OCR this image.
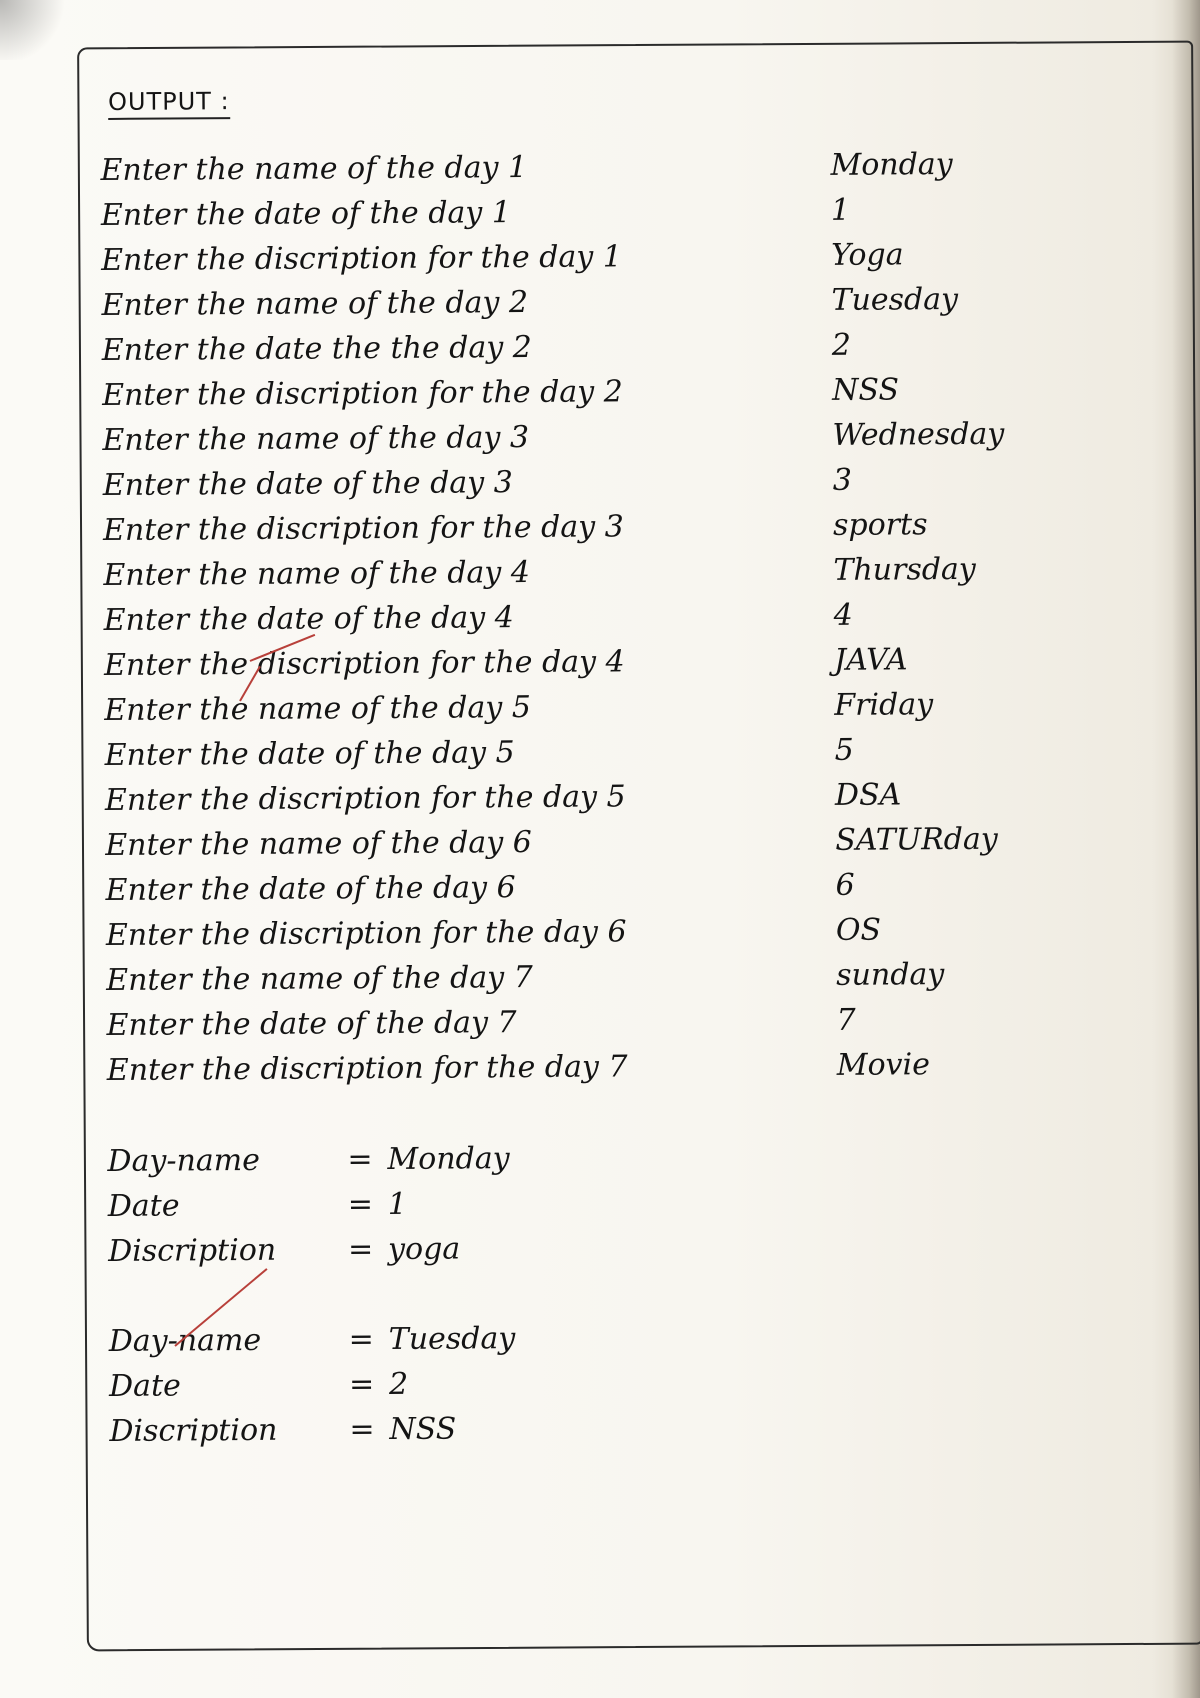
OUTPUT :
Enter the name of the day 1	Monday
Enter the date of the day 1	1
Enter the discription for the day 1	Yoga
Enter the name of the day 2	Tuesday
Enter the date the the day 2	2
Enter the discription for the day 2	NSS
Enter the name of the day 3	Wednesday
Enter the date of the day 3	3
Enter the discription for the day 3	sports
Enter the name of the day 4	Thursday
Enter the date of the day 4	4
Enter the discription for the day 4	JAVA
Enter the name of the day 5	Friday
Enter the date of the day 5	5
Enter the discription for the day 5	DSA
Enter the name of the day 6	SATURday
Enter the date of the day 6	6
Enter the discription for the day 6	OS
Enter the name of the day 7	sunday
Enter the date of the day 7	7
Enter the discription for the day 7	Movie
Day-name	= Monday
Date	= 1
Discription	= yoga
Day-name	= Tuesday
Date	= 2
Discription	= NSS
